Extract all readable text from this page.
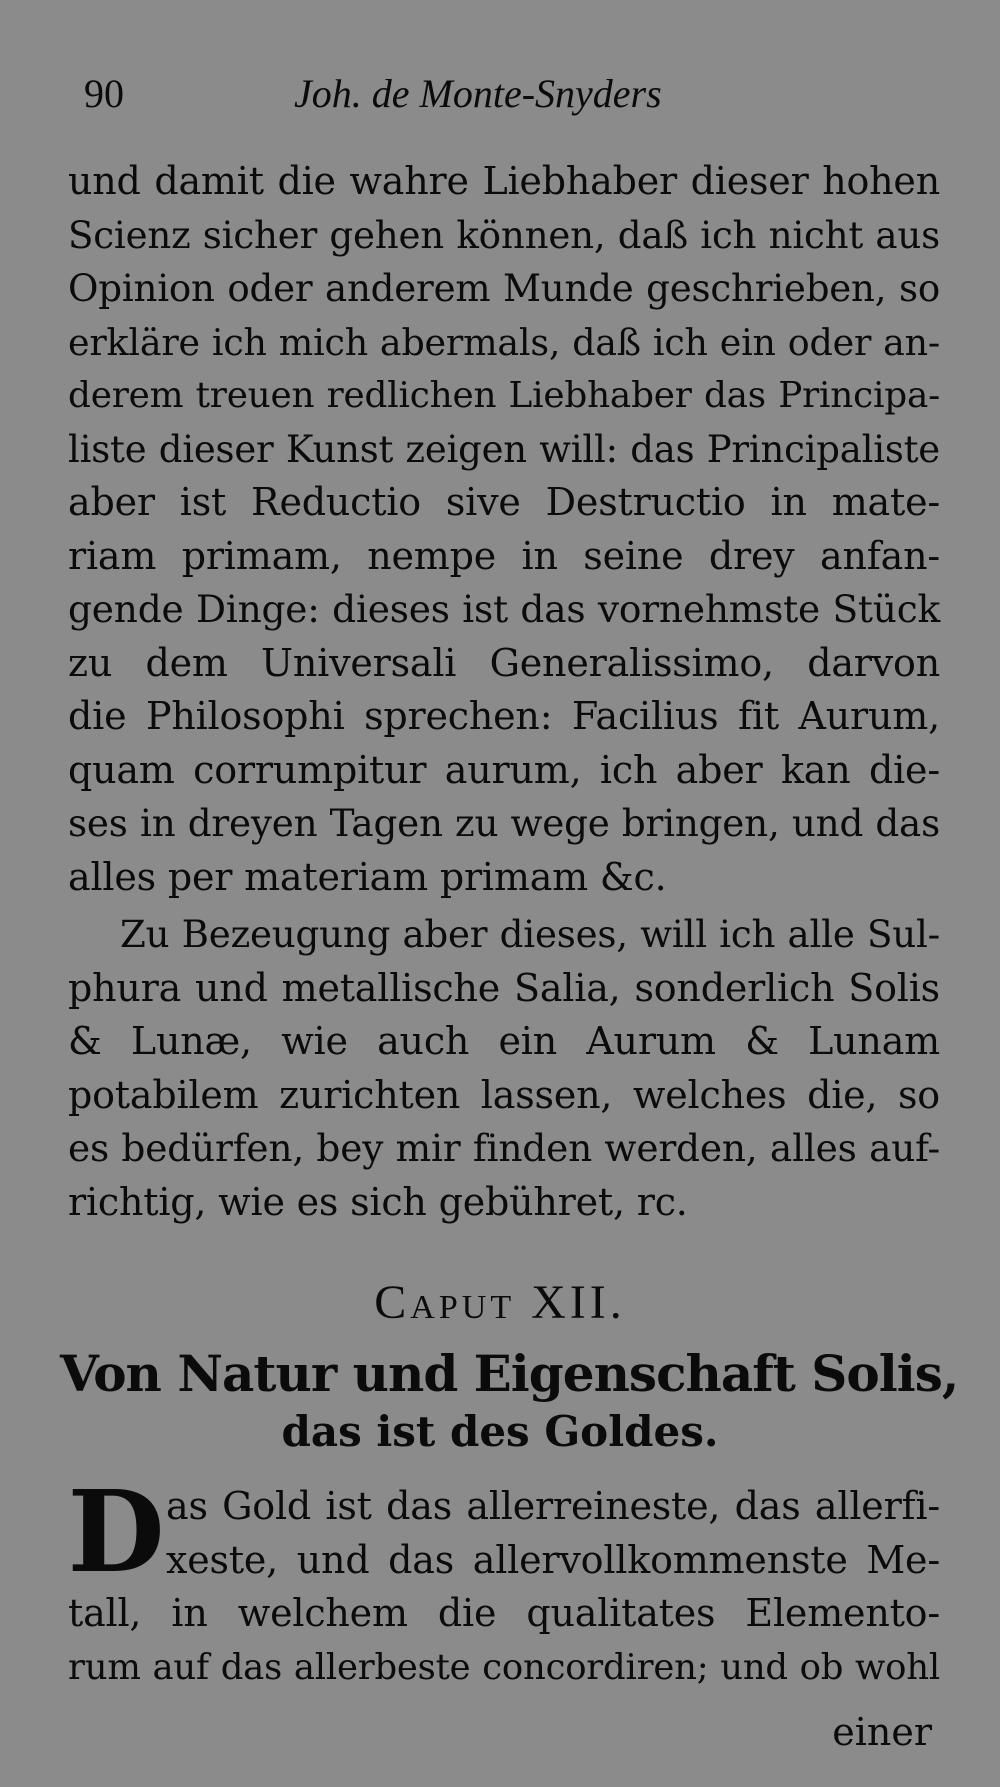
90	Joh. de Monte-Snyders
und damit die wahre Liebhaber dieser hohen
Scienz sicher gehen können, daß ich nicht aus
Opinion oder anderem Munde geschrieben, so
erkläre ich mich abermals, daß ich ein oder an-
derem treuen redlichen Liebhaber das Principa-
liste dieser Kunst zeigen will: das Principaliste
aber ist Reductio sive Destructio in mate-
riam primam, nempe in seine drey anfan-
gende Dinge: dieses ist das vornehmste Stück
zu dem Universali Generalissimo, darvon
die Philosophi sprechen: Facilius fit Aurum,
quam corrumpitur aurum, ich aber kan die-
ses in dreyen Tagen zu wege bringen, und das
alles per materiam primam &c.
Zu Bezeugung aber dieses, will ich alle Sul-
phura und metallische Salia, sonderlich Solis
& Lunæ, wie auch ein Aurum & Lunam
potabilem zurichten lassen, welches die, so
es bedürfen, bey mir finden werden, alles auf-
richtig, wie es sich gebühret, rc.
Caput XII.
Von Natur und Eigenschaft Solis,
das ist des Goldes.
D as Gold ist das allerreineste, das allerfi-
xeste, und das allervollkommenste Me-
tall, in welchem die qualitates Elemento-
rum auf das allerbeste concordiren; und ob wohl
einer
